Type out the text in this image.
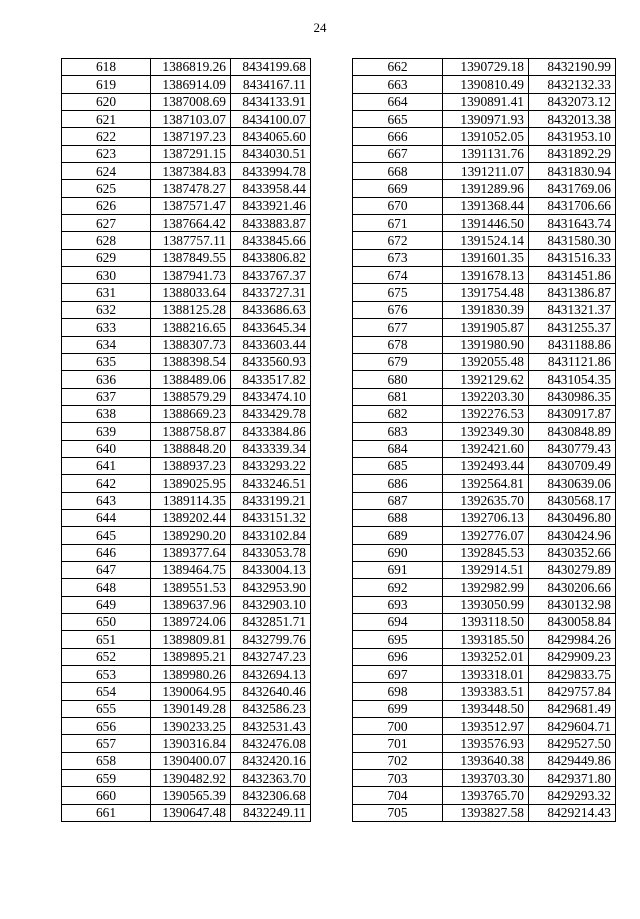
24
618	1386819.26	8434199.68
619	1386914.09	8434167.11
620	1387008.69	8434133.91
621	1387103.07	8434100.07
622	1387197.23	8434065.60
623	1387291.15	8434030.51
624	1387384.83	8433994.78
625	1387478.27	8433958.44
626	1387571.47	8433921.46
627	1387664.42	8433883.87
628	1387757.11	8433845.66
629	1387849.55	8433806.82
630	1387941.73	8433767.37
631	1388033.64	8433727.31
632	1388125.28	8433686.63
633	1388216.65	8433645.34
634	1388307.73	8433603.44
635	1388398.54	8433560.93
636	1388489.06	8433517.82
637	1388579.29	8433474.10
638	1388669.23	8433429.78
639	1388758.87	8433384.86
640	1388848.20	8433339.34
641	1388937.23	8433293.22
642	1389025.95	8433246.51
643	1389114.35	8433199.21
644	1389202.44	8433151.32
645	1389290.20	8433102.84
646	1389377.64	8433053.78
647	1389464.75	8433004.13
648	1389551.53	8432953.90
649	1389637.96	8432903.10
650	1389724.06	8432851.71
651	1389809.81	8432799.76
652	1389895.21	8432747.23
653	1389980.26	8432694.13
654	1390064.95	8432640.46
655	1390149.28	8432586.23
656	1390233.25	8432531.43
657	1390316.84	8432476.08
658	1390400.07	8432420.16
659	1390482.92	8432363.70
660	1390565.39	8432306.68
661	1390647.48	8432249.11
662	1390729.18	8432190.99
663	1390810.49	8432132.33
664	1390891.41	8432073.12
665	1390971.93	8432013.38
666	1391052.05	8431953.10
667	1391131.76	8431892.29
668	1391211.07	8431830.94
669	1391289.96	8431769.06
670	1391368.44	8431706.66
671	1391446.50	8431643.74
672	1391524.14	8431580.30
673	1391601.35	8431516.33
674	1391678.13	8431451.86
675	1391754.48	8431386.87
676	1391830.39	8431321.37
677	1391905.87	8431255.37
678	1391980.90	8431188.86
679	1392055.48	8431121.86
680	1392129.62	8431054.35
681	1392203.30	8430986.35
682	1392276.53	8430917.87
683	1392349.30	8430848.89
684	1392421.60	8430779.43
685	1392493.44	8430709.49
686	1392564.81	8430639.06
687	1392635.70	8430568.17
688	1392706.13	8430496.80
689	1392776.07	8430424.96
690	1392845.53	8430352.66
691	1392914.51	8430279.89
692	1392982.99	8430206.66
693	1393050.99	8430132.98
694	1393118.50	8430058.84
695	1393185.50	8429984.26
696	1393252.01	8429909.23
697	1393318.01	8429833.75
698	1393383.51	8429757.84
699	1393448.50	8429681.49
700	1393512.97	8429604.71
701	1393576.93	8429527.50
702	1393640.38	8429449.86
703	1393703.30	8429371.80
704	1393765.70	8429293.32
705	1393827.58	8429214.43
